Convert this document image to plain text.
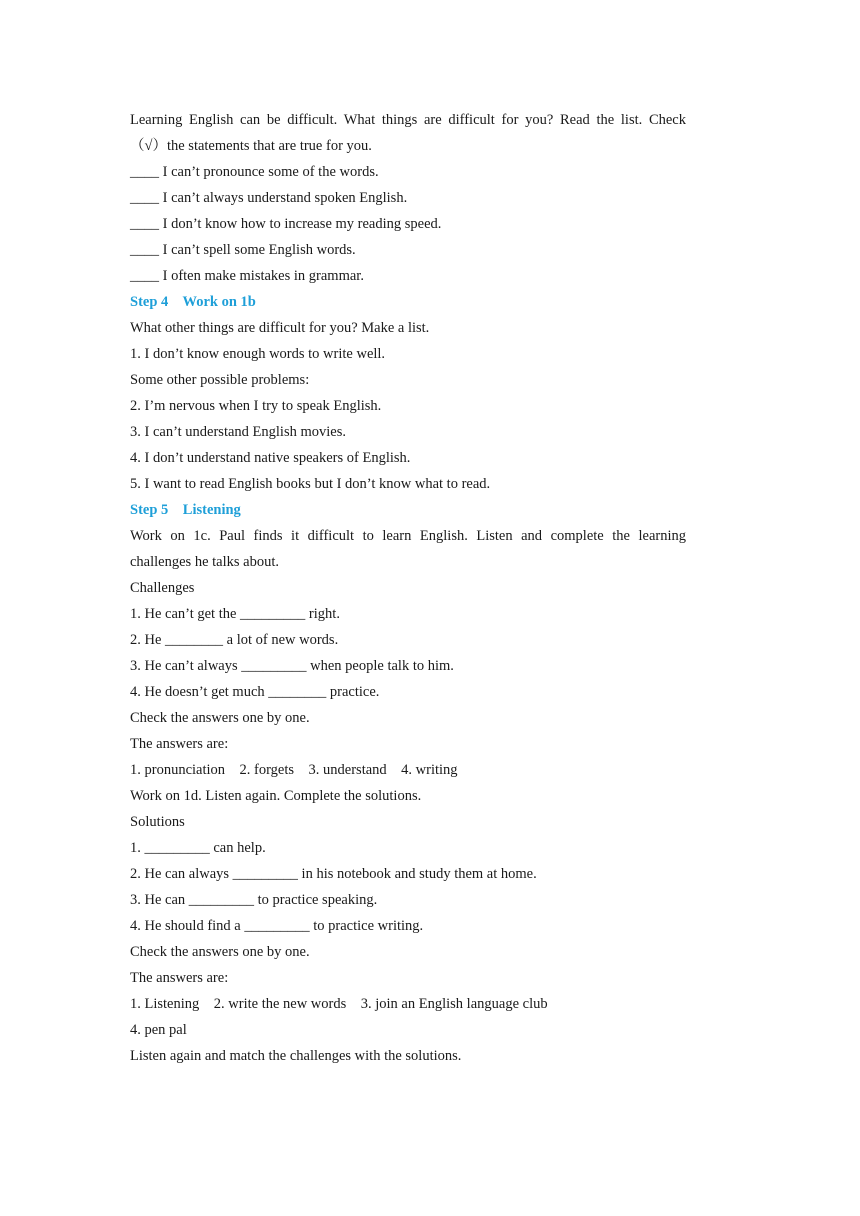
Learning English can be difficult. What things are difficult for you? Read the list. Check
（√）the statements that are true for you.
____ I can’t pronounce some of the words.
____ I can’t always understand spoken English.
____ I don’t know how to increase my reading speed.
____ I can’t spell some English words.
____ I often make mistakes in grammar.
Step 4    Work on 1b
What other things are difficult for you? Make a list.
1. I don’t know enough words to write well.
Some other possible problems:
2. I’m nervous when I try to speak English.
3. I can’t understand English movies.
4. I don’t understand native speakers of English.
5. I want to read English books but I don’t know what to read.
Step 5    Listening
Work on 1c. Paul finds it difficult to learn English. Listen and complete the learning
challenges he talks about.
Challenges
1. He can’t get the _________ right.
2. He ________ a lot of new words.
3. He can’t always _________ when people talk to him.
4. He doesn’t get much ________ practice.
Check the answers one by one.
The answers are:
1. pronunciation    2. forgets    3. understand    4. writing
Work on 1d. Listen again. Complete the solutions.
Solutions
1. _________ can help.
2. He can always _________ in his notebook and study them at home.
3. He can _________ to practice speaking.
4. He should find a _________ to practice writing.
Check the answers one by one.
The answers are:
1. Listening    2. write the new words    3. join an English language club
4. pen pal
Listen again and match the challenges with the solutions.
